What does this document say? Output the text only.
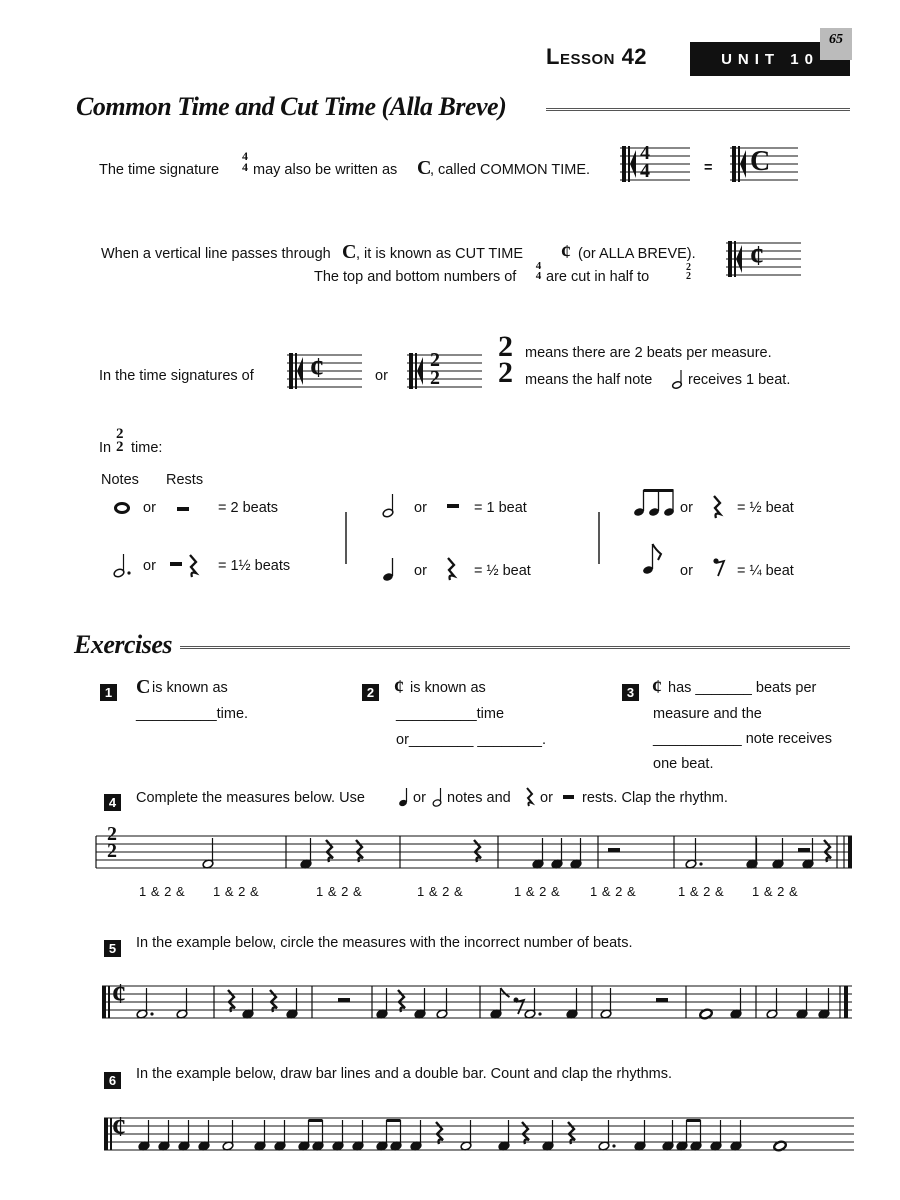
Lesson 42	UNIT 10
65
Common Time and Cut Time (Alla Breve)
The time signature
4
4 may also be written as C
, called COMMON TIME.
4
4	= C
When a vertical line passes through C , it is known as CUT TIME ¢ (or ALLA BREVE).
The top and bottom numbers of
4
4 are cut in half to
2
2
¢
In the time signatures of ¢	or
2
2
2
2
means there are 2 beats per measure.
means the half note receives 1 beat.
In
2
2 time:
Notes Rests
or	= 2 beats	or	= 1 beat	or	= ½ beat
or	= 1½ beats	or	= ½ beat	or	= ¼ beat
Exercises
1 C is known as
__________time.
2 ¢ is known as
__________time
or________ ________.
3 ¢ has _______ beats per
measure and the
___________ note receives
one beat.
4	Complete the measures below. Use	or notes and or rests. Clap the rhythm.
2
2
1 & 2 & 1 & 2 &	1 & 2 &	1 & 2 &	1 & 2 & 1 & 2 &	1 & 2 & 1 & 2 &
5	In the example below, circle the measures with the incorrect number of beats.
¢
6	In the example below, draw bar lines and a double bar. Count and clap the rhythms.
¢
